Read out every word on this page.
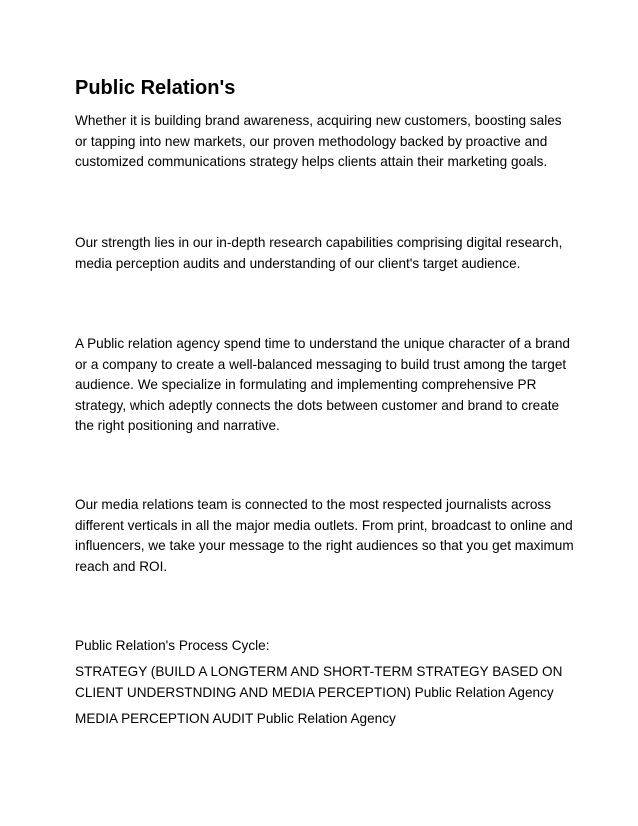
Public Relation's

Whether it is building brand awareness, acquiring new customers, boosting sales or tapping into new markets, our proven methodology backed by proactive and customized communications strategy helps clients attain their marketing goals.

Our strength lies in our in-depth research capabilities comprising digital research, media perception audits and understanding of our client's target audience.

A Public relation agency spend time to understand the unique character of a brand or a company to create a well-balanced messaging to build trust among the target audience. We specialize in formulating and implementing comprehensive PR strategy, which adeptly connects the dots between customer and brand to create the right positioning and narrative.

Our media relations team is connected to the most respected journalists across different verticals in all the major media outlets. From print, broadcast to online and influencers, we take your message to the right audiences so that you get maximum reach and ROI.

Public Relation's Process Cycle:

STRATEGY (BUILD A LONGTERM AND SHORT-TERM STRATEGY BASED ON CLIENT UNDERSTNDING AND MEDIA PERCEPTION) Public Relation Agency

MEDIA PERCEPTION AUDIT Public Relation Agency
